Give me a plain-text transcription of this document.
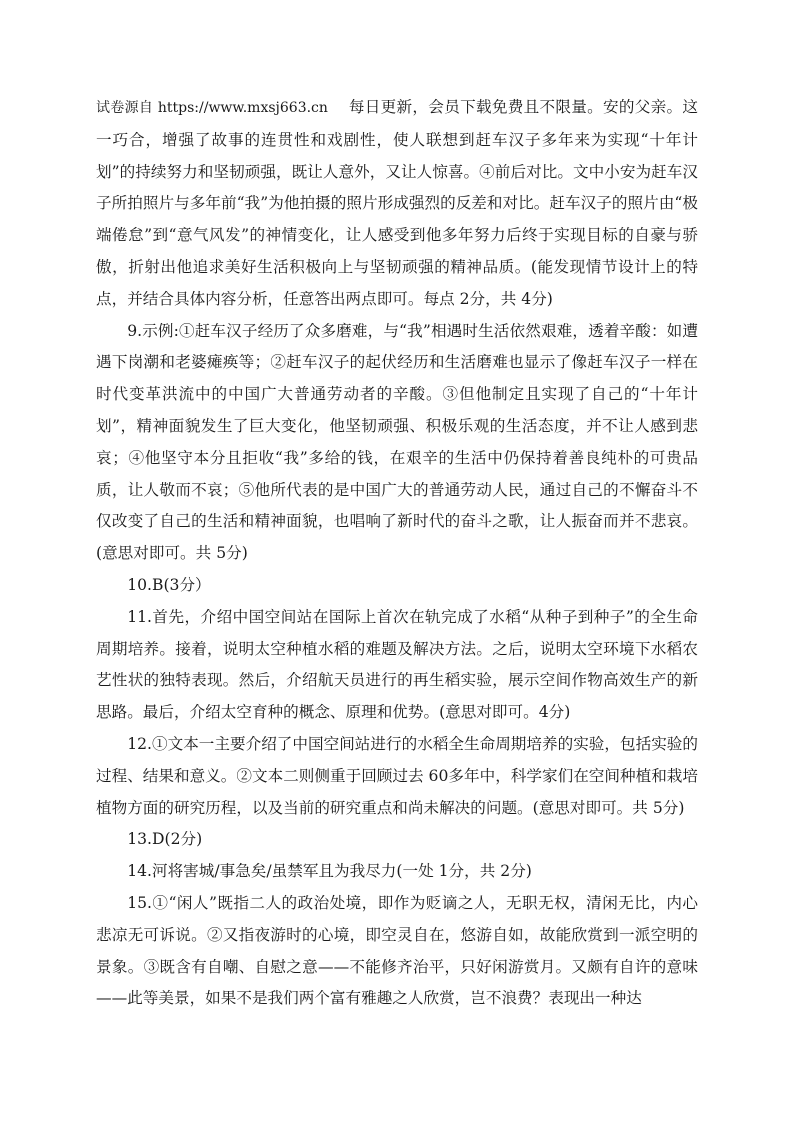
试卷源自 https://www.mxsj663.cn 每日更新，会员下载免费且不限量。安的父亲。这一巧合，增强了故事的连贯性和戏剧性，使人联想到赶车汉子多年来为实现“十年计划”的持续努力和坚韧顽强，既让人意外，又让人惊喜。④前后对比。文中小安为赶车汉子所拍照片与多年前“我”为他拍摄的照片形成强烈的反差和对比。赶车汉子的照片由“极端倦怠”到“意气风发”的神情变化，让人感受到他多年努力后终于实现目标的自豪与骄傲，折射出他追求美好生活积极向上与坚韧顽强的精神品质。(能发现情节设计上的特点，并结合具体内容分析，任意答出两点即可。每点 2分，共 4分)

9.示例:①赶车汉子经历了众多磨难，与“我”相遇时生活依然艰难，透着辛酸：如遭遇下岗潮和老婆瘫痪等；②赶车汉子的起伏经历和生活磨难也显示了像赶车汉子一样在时代变革洪流中的中国广大普通劳动者的辛酸。③但他制定且实现了自己的“十年计划”，精神面貌发生了巨大变化，他坚韧顽强、积极乐观的生活态度，并不让人感到悲哀；④他坚守本分且拒收“我”多给的钱，在艰辛的生活中仍保持着善良纯朴的可贵品质，让人敬而不哀；⑤他所代表的是中国广大的普通劳动人民，通过自己的不懈奋斗不仅改变了自己的生活和精神面貌，也唱响了新时代的奋斗之歌，让人振奋而并不悲哀。(意思对即可。共 5分)

10.B(3分）

11.首先，介绍中国空间站在国际上首次在轨完成了水稻“从种子到种子”的全生命周期培养。接着，说明太空种植水稻的难题及解决方法。之后，说明太空环境下水稻农艺性状的独特表现。然后，介绍航天员进行的再生稻实验，展示空间作物高效生产的新思路。最后，介绍太空育种的概念、原理和优势。(意思对即可。4分)

12.①文本一主要介绍了中国空间站进行的水稻全生命周期培养的实验，包括实验的过程、结果和意义。②文本二则侧重于回顾过去 60多年中，科学家们在空间种植和栽培植物方面的研究历程，以及当前的研究重点和尚未解决的问题。(意思对即可。共 5分)

13.D(2分)

14.河将害城/事急矣/虽禁军且为我尽力(一处 1分，共 2分)

15.①“闲人”既指二人的政治处境，即作为贬谪之人，无职无权，清闲无比，内心悲凉无可诉说。②又指夜游时的心境，即空灵自在，悠游自如，故能欣赏到一派空明的景象。③既含有自嘲、自慰之意——不能修齐治平，只好闲游赏月。又颇有自许的意味——此等美景，如果不是我们两个富有雅趣之人欣赏，岂不浪费？表现出一种达
